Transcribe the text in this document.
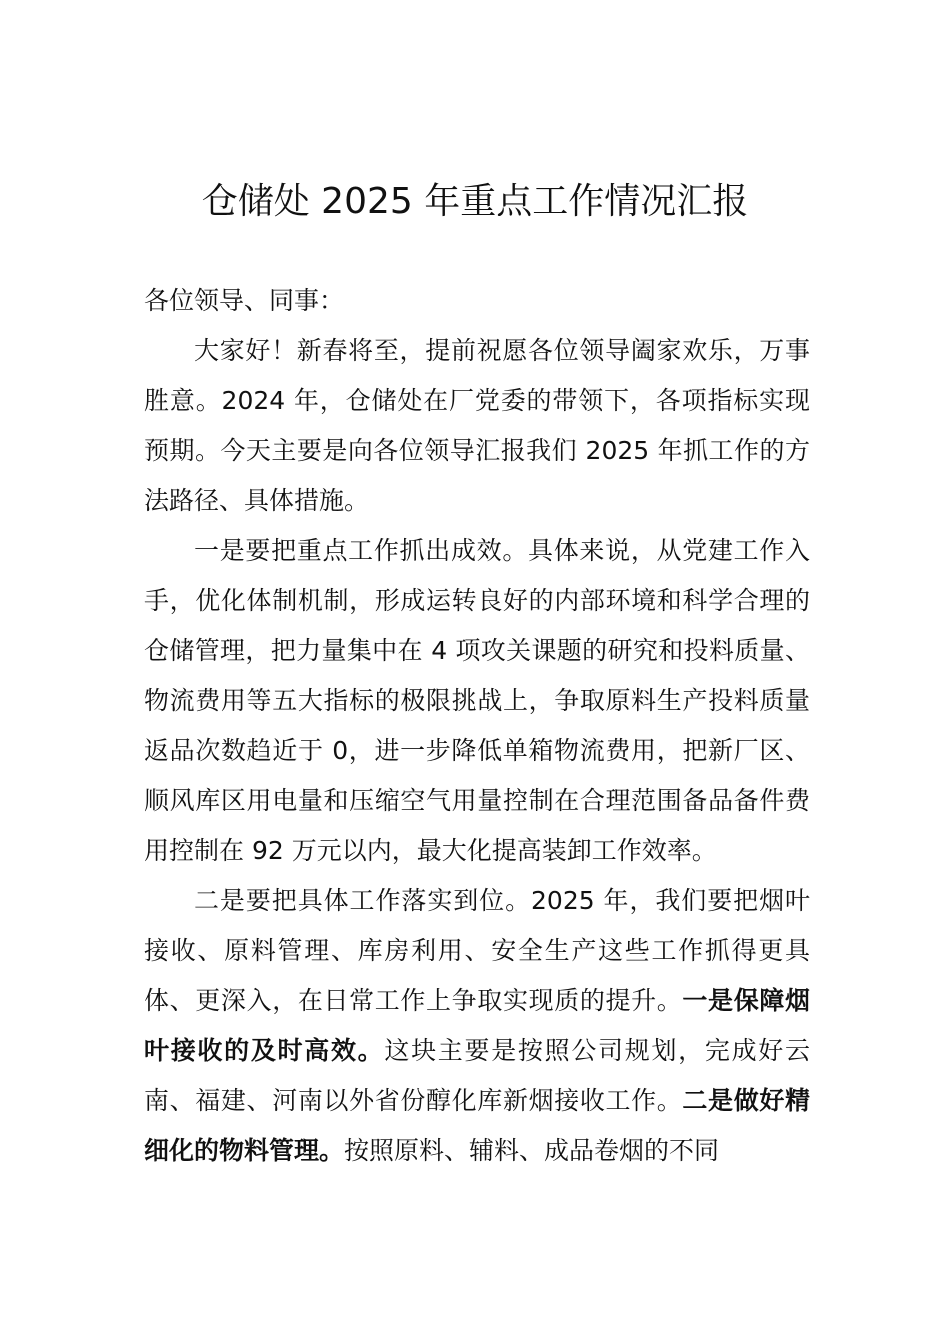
仓储处 2025 年重点工作情况汇报

各位领导、同事：

大家好！新春将至，提前祝愿各位领导阖家欢乐，万事胜意。2024 年，仓储处在厂党委的带领下，各项指标实现预期。今天主要是向各位领导汇报我们 2025 年抓工作的方法路径、具体措施。

一是要把重点工作抓出成效。具体来说，从党建工作入手，优化体制机制，形成运转良好的内部环境和科学合理的仓储管理，把力量集中在 4 项攻关课题的研究和投料质量、物流费用等五大指标的极限挑战上，争取原料生产投料质量返品次数趋近于 0，进一步降低单箱物流费用，把新厂区、顺风库区用电量和压缩空气用量控制在合理范围备品备件费用控制在 92 万元以内，最大化提高装卸工作效率。

二是要把具体工作落实到位。2025 年，我们要把烟叶接收、原料管理、库房利用、安全生产这些工作抓得更具体、更深入，在日常工作上争取实现质的提升。一是保障烟叶接收的及时高效。这块主要是按照公司规划，完成好云南、福建、河南以外省份醇化库新烟接收工作。二是做好精细化的物料管理。按照原料、辅料、成品卷烟的不同
